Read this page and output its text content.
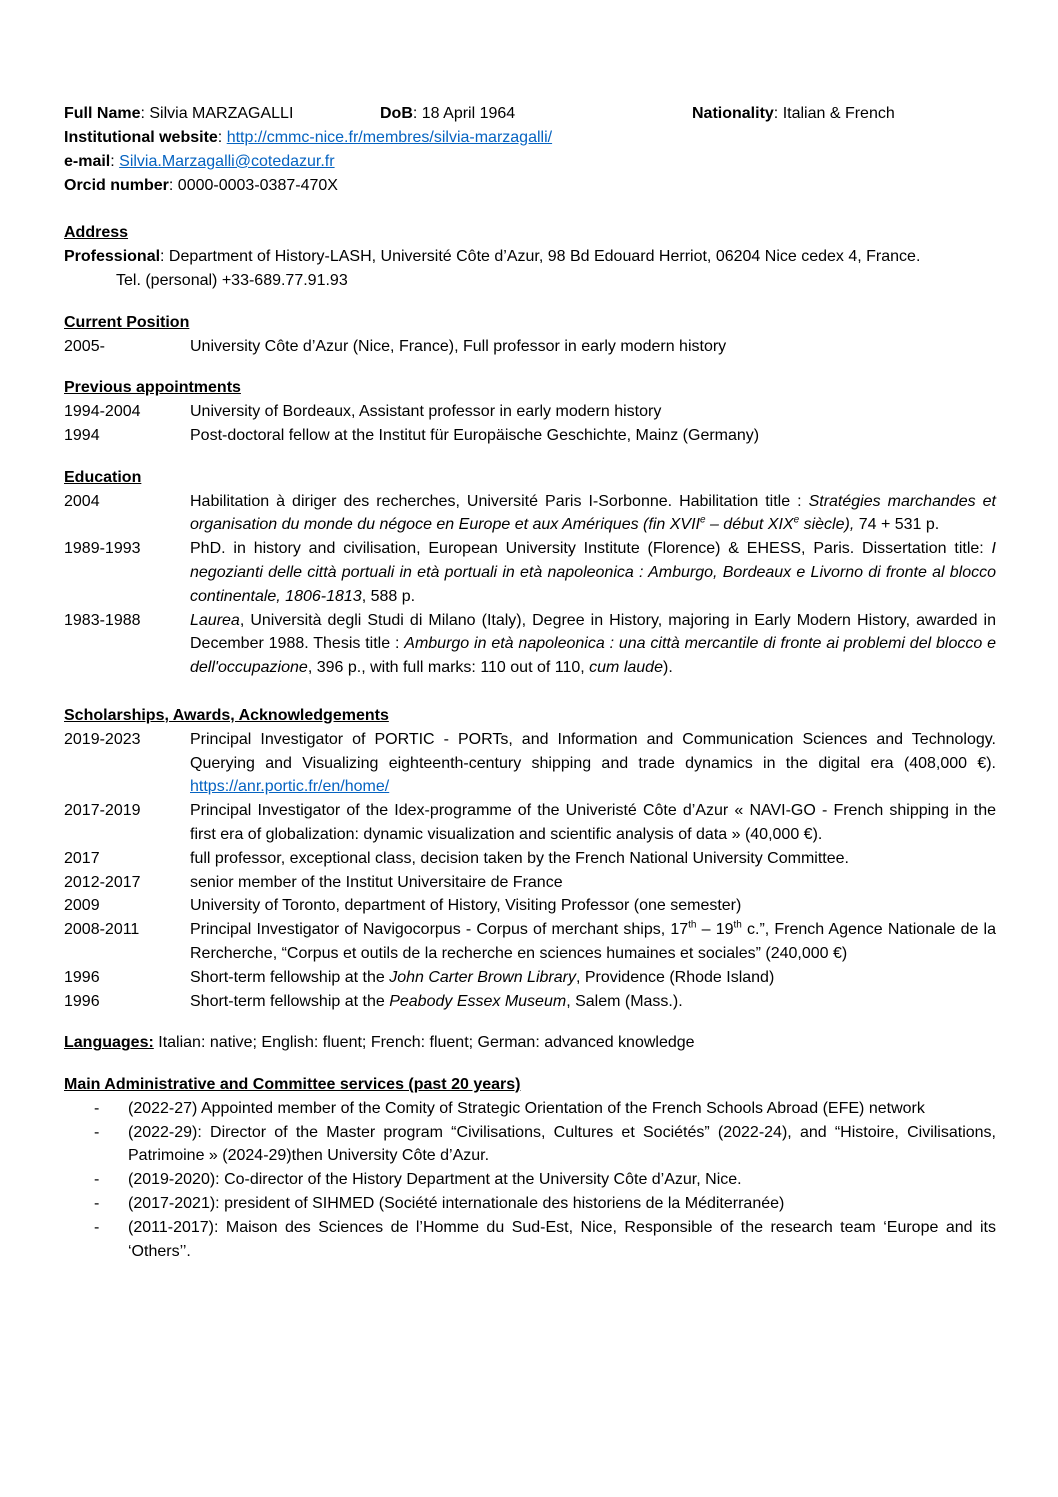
Full Name: Silvia MARZAGALLI	DoB: 18 April 1964	Nationality: Italian & French
Institutional website: http://cmmc-nice.fr/membres/silvia-marzagalli/
e-mail: Silvia.Marzagalli@cotedazur.fr
Orcid number: 0000-0003-0387-470X
Address
Professional: Department of History-LASH, Université Côte d’Azur, 98 Bd Edouard Herriot, 06204 Nice cedex 4, France.
Tel. (personal) +33-689.77.91.93
Current Position
2005-	University Côte d’Azur (Nice, France), Full professor in early modern history
Previous appointments
1994-2004	University of Bordeaux, Assistant professor in early modern history
1994	Post-doctoral fellow at the Institut für Europäische Geschichte, Mainz (Germany)
Education
2004	Habilitation à diriger des recherches, Université Paris I-Sorbonne. Habilitation title : Stratégies marchandes et organisation du monde du négoce en Europe et aux Amériques (fin XVIIe – début XIXe siècle), 74 + 531 p.
1989-1993	PhD. in history and civilisation, European University Institute (Florence) & EHESS, Paris. Dissertation title: I negozianti delle città portuali in età portuali in età napoleonica : Amburgo, Bordeaux e Livorno di fronte al blocco continentale, 1806-1813, 588 p.
1983-1988	Laurea, Università degli Studi di Milano (Italy), Degree in History, majoring in Early Modern History, awarded in December 1988. Thesis title : Amburgo in età napoleonica : una città mercantile di fronte ai problemi del blocco e dell'occupazione, 396 p., with full marks: 110 out of 110, cum laude).
Scholarships, Awards, Acknowledgements
2019-2023	Principal Investigator of PORTIC - PORTs, and Information and Communication Sciences and Technology. Querying and Visualizing eighteenth-century shipping and trade dynamics in the digital era (408,000 €). https://anr.portic.fr/en/home/
2017-2019	Principal Investigator of the Idex-programme of the Univeristé Côte d’Azur « NAVI-GO - French shipping in the first era of globalization: dynamic visualization and scientific analysis of data » (40,000 €).
2017	full professor, exceptional class, decision taken by the French National University Committee.
2012-2017	senior member of the Institut Universitaire de France
2009	University of Toronto, department of History, Visiting Professor (one semester)
2008-2011	Principal Investigator of Navigocorpus - Corpus of merchant ships, 17th – 19th c.”, French Agence Nationale de la Rercherche, “Corpus et outils de la recherche en sciences humaines et sociales” (240,000 €)
1996	Short-term fellowship at the John Carter Brown Library, Providence (Rhode Island)
1996	Short-term fellowship at the Peabody Essex Museum, Salem (Mass.).
Languages: Italian: native; English: fluent; French: fluent; German: advanced knowledge
Main Administrative and Committee services (past 20 years)
-	(2022-27) Appointed member of the Comity of Strategic Orientation of the French Schools Abroad (EFE) network
-	(2022-29): Director of the Master program “Civilisations, Cultures et Sociétés” (2022-24), and “Histoire, Civilisations, Patrimoine » (2024-29)then University Côte d’Azur.
-	(2019-2020): Co-director of the History Department at the University Côte d’Azur, Nice.
-	(2017-2021): president of SIHMED (Société internationale des historiens de la Méditerranée)
-	(2011-2017): Maison des Sciences de l’Homme du Sud-Est, Nice, Responsible of the research team ‘Europe and its ‘Others’’.
